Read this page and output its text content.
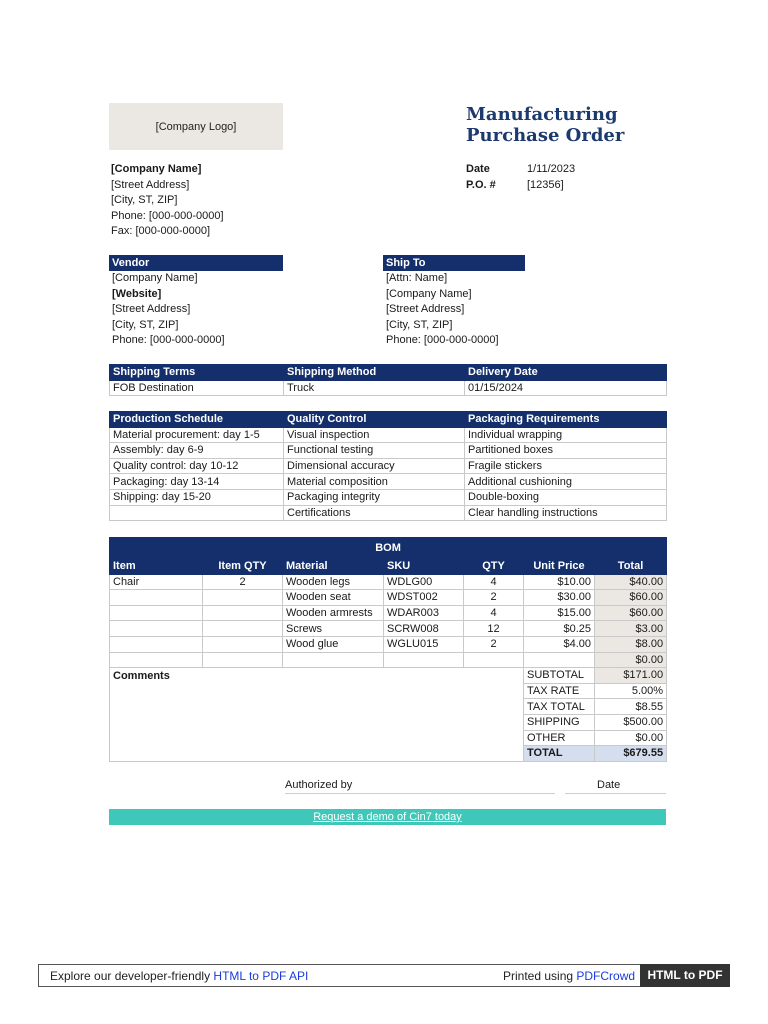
[Company Logo]
Manufacturing
Purchase Order
[Company Name]
[Street Address]
[City, ST, ZIP]
Phone: [000-000-0000]
Fax: [000-000-0000]
Date	1/11/2023
P.O. #	[12356]
Vendor
[Company Name]
[Website]
[Street Address]
[City, ST, ZIP]
Phone: [000-000-0000]
Ship To
[Attn: Name]
[Company Name]
[Street Address]
[City, ST, ZIP]
Phone: [000-000-0000]
Shipping Terms	Shipping Method	Delivery Date
FOB Destination	Truck	01/15/2024
Production Schedule	Quality Control	Packaging Requirements
Material procurement: day 1-5	Visual inspection	Individual wrapping
Assembly: day 6-9	Functional testing	Partitioned boxes
Quality control: day 10-12	Dimensional accuracy	Fragile stickers
Packaging: day 13-14	Material composition	Additional cushioning
Shipping: day 15-20	Packaging integrity	Double-boxing
	Certifications	Clear handling instructions
BOM						
Item	Item QTY	Material	SKU	QTY	Unit Price	Total
Chair	2	Wooden legs	WDLG00	4	$10.00	$40.00
		Wooden seat	WDST002	2	$30.00	$60.00
		Wooden armrests	WDAR003	4	$15.00	$60.00
		Screws	SCRW008	12	$0.25	$3.00
		Wood glue	WGLU015	2	$4.00	$8.00
						$0.00
Comments					SUBTOTAL	$171.00
					TAX RATE	5.00%
					TAX TOTAL	$8.55
					SHIPPING	$500.00
					OTHER	$0.00
					TOTAL	$679.55
Authorized by	Date
Request a demo of Cin7 today
Explore our developer-friendly HTML to PDF API	Printed using PDFCrowd	HTML to PDF
